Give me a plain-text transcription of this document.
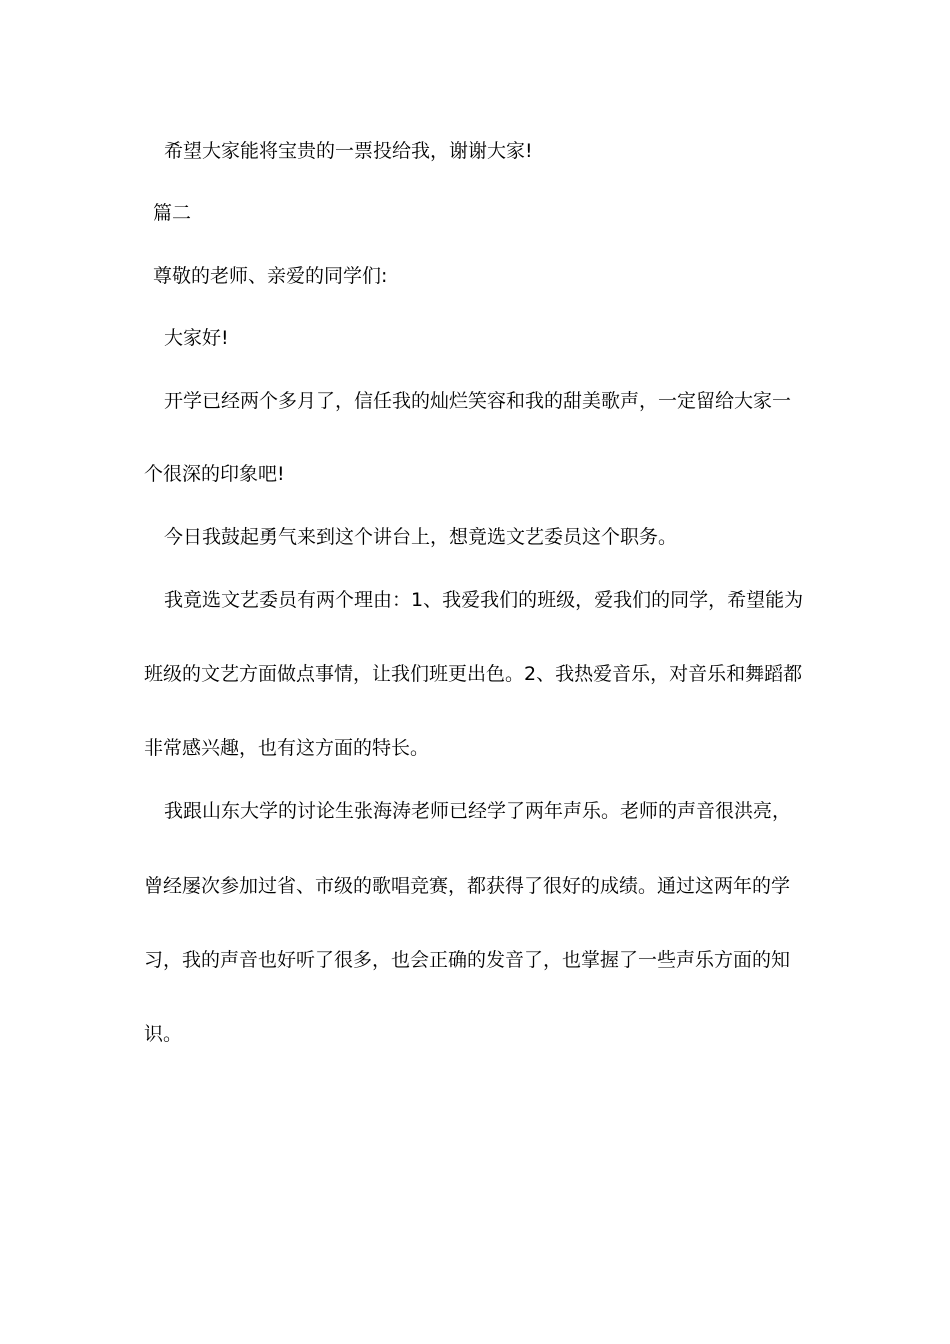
希望大家能将宝贵的一票投给我，谢谢大家!
篇二
尊敬的老师、亲爱的同学们:
大家好!
开学已经两个多月了，信任我的灿烂笑容和我的甜美歌声，一定留给大家一
个很深的印象吧!
今日我鼓起勇气来到这个讲台上，想竟选文艺委员这个职务。
我竟选文艺委员有两个理由：1、我爱我们的班级，爱我们的同学，希望能为
班级的文艺方面做点事情，让我们班更出色。2、我热爱音乐，对音乐和舞蹈都
非常感兴趣，也有这方面的特长。
我跟山东大学的讨论生张海涛老师已经学了两年声乐。老师的声音很洪亮，
曾经屡次参加过省、市级的歌唱竞赛，都获得了很好的成绩。通过这两年的学
习，我的声音也好听了很多，也会正确的发音了，也掌握了一些声乐方面的知
识。
